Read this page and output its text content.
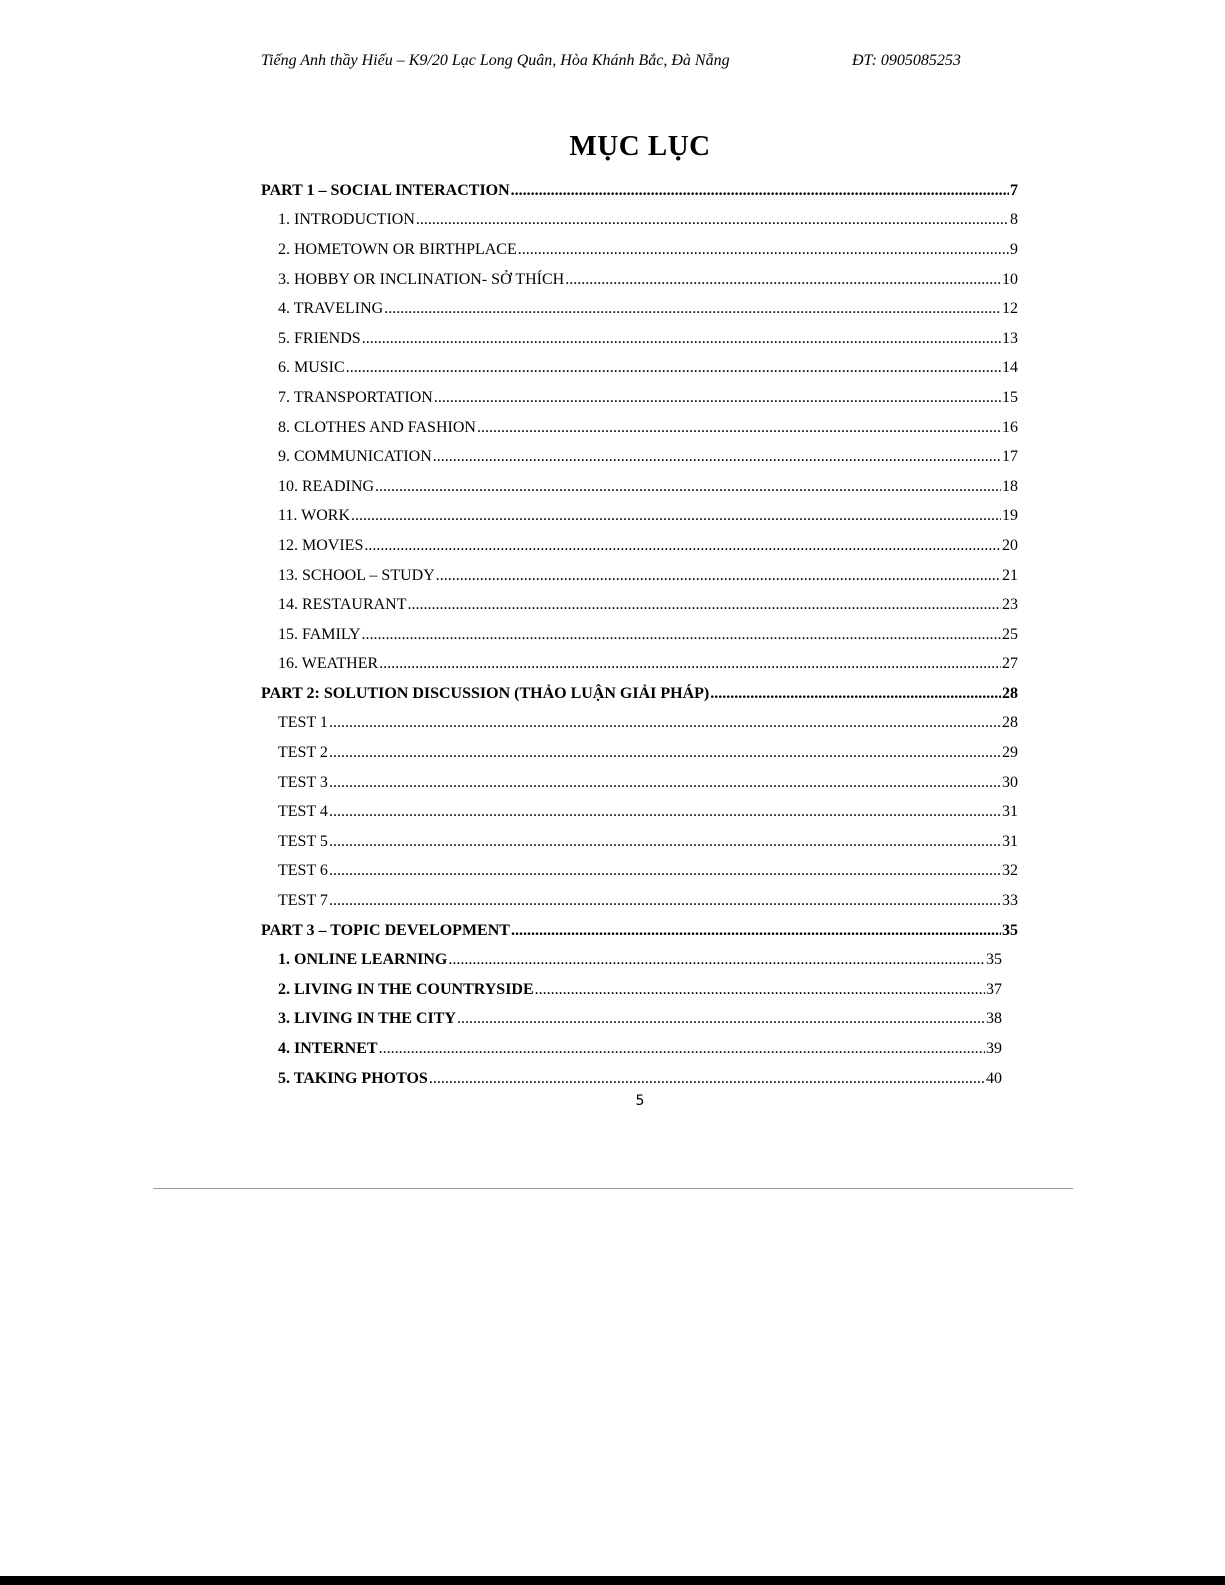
Tiếng Anh thầy Hiếu – K9/20 Lạc Long Quân, Hòa Khánh Bắc, Đà Nẵng	ĐT: 0905085253
MỤC LỤC
PART 1 – SOCIAL INTERACTION .....	7
1. INTRODUCTION .....	8
2. HOMETOWN OR BIRTHPLACE .....	9
3. HOBBY OR INCLINATION- SỞ THÍCH .....	10
4. TRAVELING .....	12
5. FRIENDS .....	13
6. MUSIC .....	14
7. TRANSPORTATION .....	15
8. CLOTHES AND FASHION .....	16
9. COMMUNICATION .....	17
10. READING .....	18
11. WORK .....	19
12. MOVIES .....	20
13. SCHOOL – STUDY .....	21
14. RESTAURANT .....	23
15. FAMILY .....	25
16. WEATHER .....	27
PART 2: SOLUTION DISCUSSION (THẢO LUẬN GIẢI PHÁP) .....	28
TEST 1 .....	28
TEST 2 .....	29
TEST 3 .....	30
TEST 4 .....	31
TEST 5 .....	31
TEST 6 .....	32
TEST 7 .....	33
PART 3 – TOPIC DEVELOPMENT .....	35
1. ONLINE LEARNING .....	35
2. LIVING IN THE COUNTRYSIDE .....	37
3. LIVING IN THE CITY .....	38
4. INTERNET .....	39
5. TAKING PHOTOS .....	40
5
